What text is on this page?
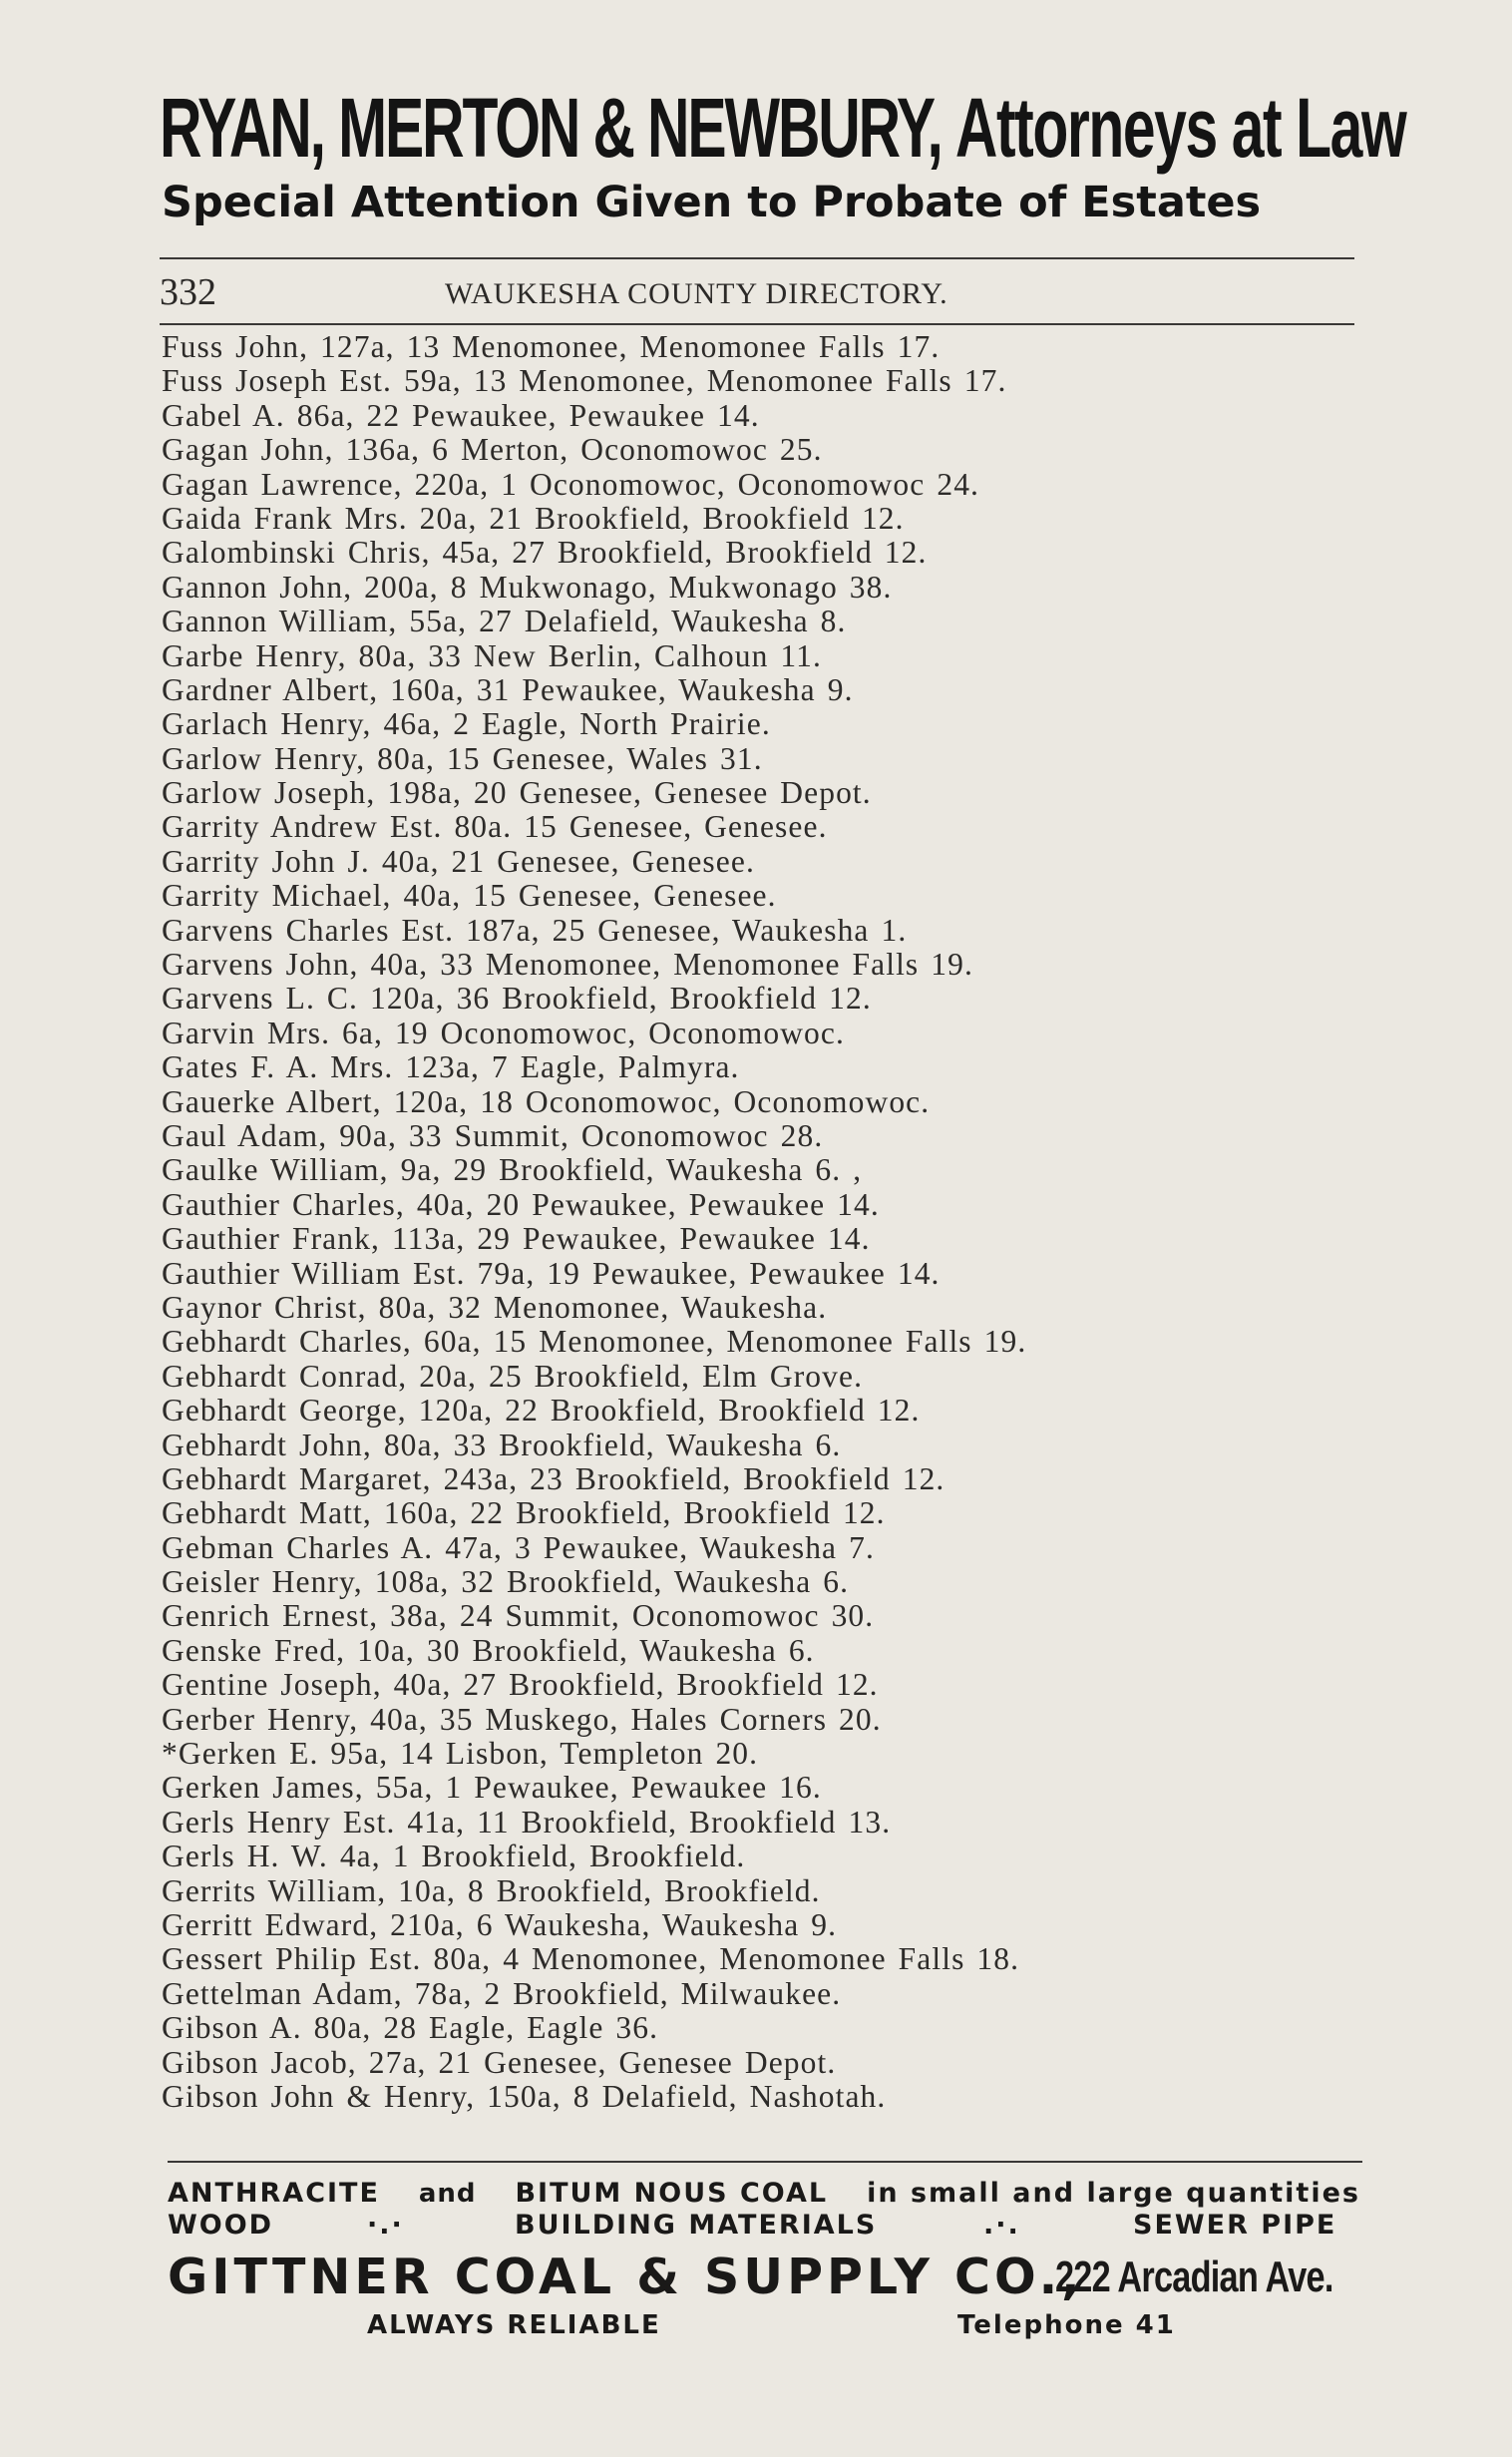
RYAN, MERTON & NEWBURY, Attorneys at Law
Special Attention Given to Probate of Estates
332	WAUKESHA COUNTY DIRECTORY.
Fuss John, 127a, 13 Menomonee, Menomonee Falls 17.
Fuss Joseph Est. 59a, 13 Menomonee, Menomonee Falls 17.
Gabel A. 86a, 22 Pewaukee, Pewaukee 14.
Gagan John, 136a, 6 Merton, Oconomowoc 25.
Gagan Lawrence, 220a, 1 Oconomowoc, Oconomowoc 24.
Gaida Frank Mrs. 20a, 21 Brookfield, Brookfield 12.
Galombinski Chris, 45a, 27 Brookfield, Brookfield 12.
Gannon John, 200a, 8 Mukwonago, Mukwonago 38.
Gannon William, 55a, 27 Delafield, Waukesha 8.
Garbe Henry, 80a, 33 New Berlin, Calhoun 11.
Gardner Albert, 160a, 31 Pewaukee, Waukesha 9.
Garlach Henry, 46a, 2 Eagle, North Prairie.
Garlow Henry, 80a, 15 Genesee, Wales 31.
Garlow Joseph, 198a, 20 Genesee, Genesee Depot.
Garrity Andrew Est. 80a. 15 Genesee, Genesee.
Garrity John J. 40a, 21 Genesee, Genesee.
Garrity Michael, 40a, 15 Genesee, Genesee.
Garvens Charles Est. 187a, 25 Genesee, Waukesha 1.
Garvens John, 40a, 33 Menomonee, Menomonee Falls 19.
Garvens L. C. 120a, 36 Brookfield, Brookfield 12.
Garvin Mrs. 6a, 19 Oconomowoc, Oconomowoc.
Gates F. A. Mrs. 123a, 7 Eagle, Palmyra.
Gauerke Albert, 120a, 18 Oconomowoc, Oconomowoc.
Gaul Adam, 90a, 33 Summit, Oconomowoc 28.
Gaulke William, 9a, 29 Brookfield, Waukesha 6. ,
Gauthier Charles, 40a, 20 Pewaukee, Pewaukee 14.
Gauthier Frank, 113a, 29 Pewaukee, Pewaukee 14.
Gauthier William Est. 79a, 19 Pewaukee, Pewaukee 14.
Gaynor Christ, 80a, 32 Menomonee, Waukesha.
Gebhardt Charles, 60a, 15 Menomonee, Menomonee Falls 19.
Gebhardt Conrad, 20a, 25 Brookfield, Elm Grove.
Gebhardt George, 120a, 22 Brookfield, Brookfield 12.
Gebhardt John, 80a, 33 Brookfield, Waukesha 6.
Gebhardt Margaret, 243a, 23 Brookfield, Brookfield 12.
Gebhardt Matt, 160a, 22 Brookfield, Brookfield 12.
Gebman Charles A. 47a, 3 Pewaukee, Waukesha 7.
Geisler Henry, 108a, 32 Brookfield, Waukesha 6.
Genrich Ernest, 38a, 24 Summit, Oconomowoc 30.
Genske Fred, 10a, 30 Brookfield, Waukesha 6.
Gentine Joseph, 40a, 27 Brookfield, Brookfield 12.
Gerber Henry, 40a, 35 Muskego, Hales Corners 20.
*Gerken E. 95a, 14 Lisbon, Templeton 20.
Gerken James, 55a, 1 Pewaukee, Pewaukee 16.
Gerls Henry Est. 41a, 11 Brookfield, Brookfield 13.
Gerls H. W. 4a, 1 Brookfield, Brookfield.
Gerrits William, 10a, 8 Brookfield, Brookfield.
Gerritt Edward, 210a, 6 Waukesha, Waukesha 9.
Gessert Philip Est. 80a, 4 Menomonee, Menomonee Falls 18.
Gettelman Adam, 78a, 2 Brookfield, Milwaukee.
Gibson A. 80a, 28 Eagle, Eagle 36.
Gibson Jacob, 27a, 21 Genesee, Genesee Depot.
Gibson John & Henry, 150a, 8 Delafield, Nashotah.
ANTHRACITE and BITUM NOUS COAL in small and large quantities
WOOD	∙.∙	BUILDING MATERIALS	.∙.	SEWER PIPE
GITTNER COAL & SUPPLY CO.,
222 Arcadian Ave.
ALWAYS RELIABLE	Telephone 41
